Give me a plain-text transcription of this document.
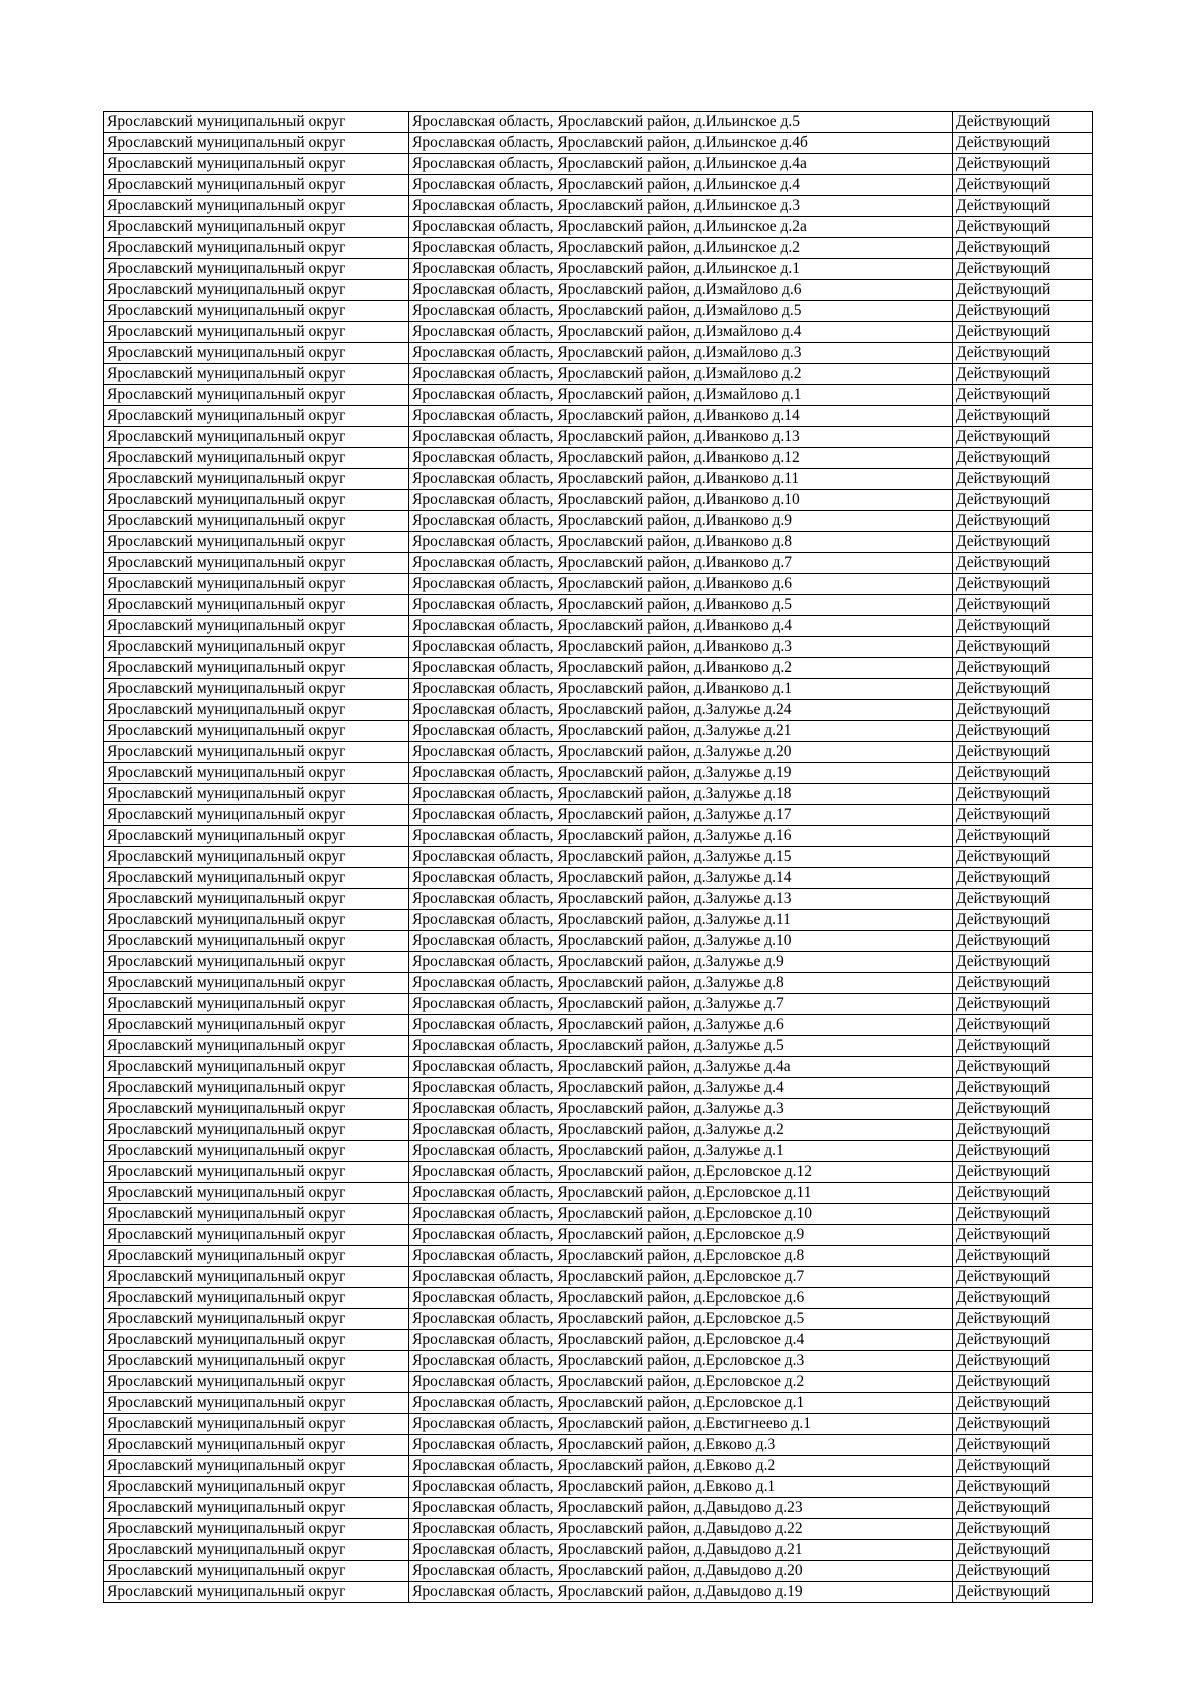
Ярославский муниципальный округ	Ярославская область, Ярославский район, д.Ильинское д.5	Действующий
Ярославский муниципальный округ	Ярославская область, Ярославский район, д.Ильинское д.4б	Действующий
Ярославский муниципальный округ	Ярославская область, Ярославский район, д.Ильинское д.4а	Действующий
Ярославский муниципальный округ	Ярославская область, Ярославский район, д.Ильинское д.4	Действующий
Ярославский муниципальный округ	Ярославская область, Ярославский район, д.Ильинское д.3	Действующий
Ярославский муниципальный округ	Ярославская область, Ярославский район, д.Ильинское д.2а	Действующий
Ярославский муниципальный округ	Ярославская область, Ярославский район, д.Ильинское д.2	Действующий
Ярославский муниципальный округ	Ярославская область, Ярославский район, д.Ильинское д.1	Действующий
Ярославский муниципальный округ	Ярославская область, Ярославский район, д.Измайлово д.6	Действующий
Ярославский муниципальный округ	Ярославская область, Ярославский район, д.Измайлово д.5	Действующий
Ярославский муниципальный округ	Ярославская область, Ярославский район, д.Измайлово д.4	Действующий
Ярославский муниципальный округ	Ярославская область, Ярославский район, д.Измайлово д.3	Действующий
Ярославский муниципальный округ	Ярославская область, Ярославский район, д.Измайлово д.2	Действующий
Ярославский муниципальный округ	Ярославская область, Ярославский район, д.Измайлово д.1	Действующий
Ярославский муниципальный округ	Ярославская область, Ярославский район, д.Иванково д.14	Действующий
Ярославский муниципальный округ	Ярославская область, Ярославский район, д.Иванково д.13	Действующий
Ярославский муниципальный округ	Ярославская область, Ярославский район, д.Иванково д.12	Действующий
Ярославский муниципальный округ	Ярославская область, Ярославский район, д.Иванково д.11	Действующий
Ярославский муниципальный округ	Ярославская область, Ярославский район, д.Иванково д.10	Действующий
Ярославский муниципальный округ	Ярославская область, Ярославский район, д.Иванково д.9	Действующий
Ярославский муниципальный округ	Ярославская область, Ярославский район, д.Иванково д.8	Действующий
Ярославский муниципальный округ	Ярославская область, Ярославский район, д.Иванково д.7	Действующий
Ярославский муниципальный округ	Ярославская область, Ярославский район, д.Иванково д.6	Действующий
Ярославский муниципальный округ	Ярославская область, Ярославский район, д.Иванково д.5	Действующий
Ярославский муниципальный округ	Ярославская область, Ярославский район, д.Иванково д.4	Действующий
Ярославский муниципальный округ	Ярославская область, Ярославский район, д.Иванково д.3	Действующий
Ярославский муниципальный округ	Ярославская область, Ярославский район, д.Иванково д.2	Действующий
Ярославский муниципальный округ	Ярославская область, Ярославский район, д.Иванково д.1	Действующий
Ярославский муниципальный округ	Ярославская область, Ярославский район, д.Залужье д.24	Действующий
Ярославский муниципальный округ	Ярославская область, Ярославский район, д.Залужье д.21	Действующий
Ярославский муниципальный округ	Ярославская область, Ярославский район, д.Залужье д.20	Действующий
Ярославский муниципальный округ	Ярославская область, Ярославский район, д.Залужье д.19	Действующий
Ярославский муниципальный округ	Ярославская область, Ярославский район, д.Залужье д.18	Действующий
Ярославский муниципальный округ	Ярославская область, Ярославский район, д.Залужье д.17	Действующий
Ярославский муниципальный округ	Ярославская область, Ярославский район, д.Залужье д.16	Действующий
Ярославский муниципальный округ	Ярославская область, Ярославский район, д.Залужье д.15	Действующий
Ярославский муниципальный округ	Ярославская область, Ярославский район, д.Залужье д.14	Действующий
Ярославский муниципальный округ	Ярославская область, Ярославский район, д.Залужье д.13	Действующий
Ярославский муниципальный округ	Ярославская область, Ярославский район, д.Залужье д.11	Действующий
Ярославский муниципальный округ	Ярославская область, Ярославский район, д.Залужье д.10	Действующий
Ярославский муниципальный округ	Ярославская область, Ярославский район, д.Залужье д.9	Действующий
Ярославский муниципальный округ	Ярославская область, Ярославский район, д.Залужье д.8	Действующий
Ярославский муниципальный округ	Ярославская область, Ярославский район, д.Залужье д.7	Действующий
Ярославский муниципальный округ	Ярославская область, Ярославский район, д.Залужье д.6	Действующий
Ярославский муниципальный округ	Ярославская область, Ярославский район, д.Залужье д.5	Действующий
Ярославский муниципальный округ	Ярославская область, Ярославский район, д.Залужье д.4а	Действующий
Ярославский муниципальный округ	Ярославская область, Ярославский район, д.Залужье д.4	Действующий
Ярославский муниципальный округ	Ярославская область, Ярославский район, д.Залужье д.3	Действующий
Ярославский муниципальный округ	Ярославская область, Ярославский район, д.Залужье д.2	Действующий
Ярославский муниципальный округ	Ярославская область, Ярославский район, д.Залужье д.1	Действующий
Ярославский муниципальный округ	Ярославская область, Ярославский район, д.Ерсловское д.12	Действующий
Ярославский муниципальный округ	Ярославская область, Ярославский район, д.Ерсловское д.11	Действующий
Ярославский муниципальный округ	Ярославская область, Ярославский район, д.Ерсловское д.10	Действующий
Ярославский муниципальный округ	Ярославская область, Ярославский район, д.Ерсловское д.9	Действующий
Ярославский муниципальный округ	Ярославская область, Ярославский район, д.Ерсловское д.8	Действующий
Ярославский муниципальный округ	Ярославская область, Ярославский район, д.Ерсловское д.7	Действующий
Ярославский муниципальный округ	Ярославская область, Ярославский район, д.Ерсловское д.6	Действующий
Ярославский муниципальный округ	Ярославская область, Ярославский район, д.Ерсловское д.5	Действующий
Ярославский муниципальный округ	Ярославская область, Ярославский район, д.Ерсловское д.4	Действующий
Ярославский муниципальный округ	Ярославская область, Ярославский район, д.Ерсловское д.3	Действующий
Ярославский муниципальный округ	Ярославская область, Ярославский район, д.Ерсловское д.2	Действующий
Ярославский муниципальный округ	Ярославская область, Ярославский район, д.Ерсловское д.1	Действующий
Ярославский муниципальный округ	Ярославская область, Ярославский район, д.Евстигнеево д.1	Действующий
Ярославский муниципальный округ	Ярославская область, Ярославский район, д.Евково д.3	Действующий
Ярославский муниципальный округ	Ярославская область, Ярославский район, д.Евково д.2	Действующий
Ярославский муниципальный округ	Ярославская область, Ярославский район, д.Евково д.1	Действующий
Ярославский муниципальный округ	Ярославская область, Ярославский район, д.Давыдово д.23	Действующий
Ярославский муниципальный округ	Ярославская область, Ярославский район, д.Давыдово д.22	Действующий
Ярославский муниципальный округ	Ярославская область, Ярославский район, д.Давыдово д.21	Действующий
Ярославский муниципальный округ	Ярославская область, Ярославский район, д.Давыдово д.20	Действующий
Ярославский муниципальный округ	Ярославская область, Ярославский район, д.Давыдово д.19	Действующий
